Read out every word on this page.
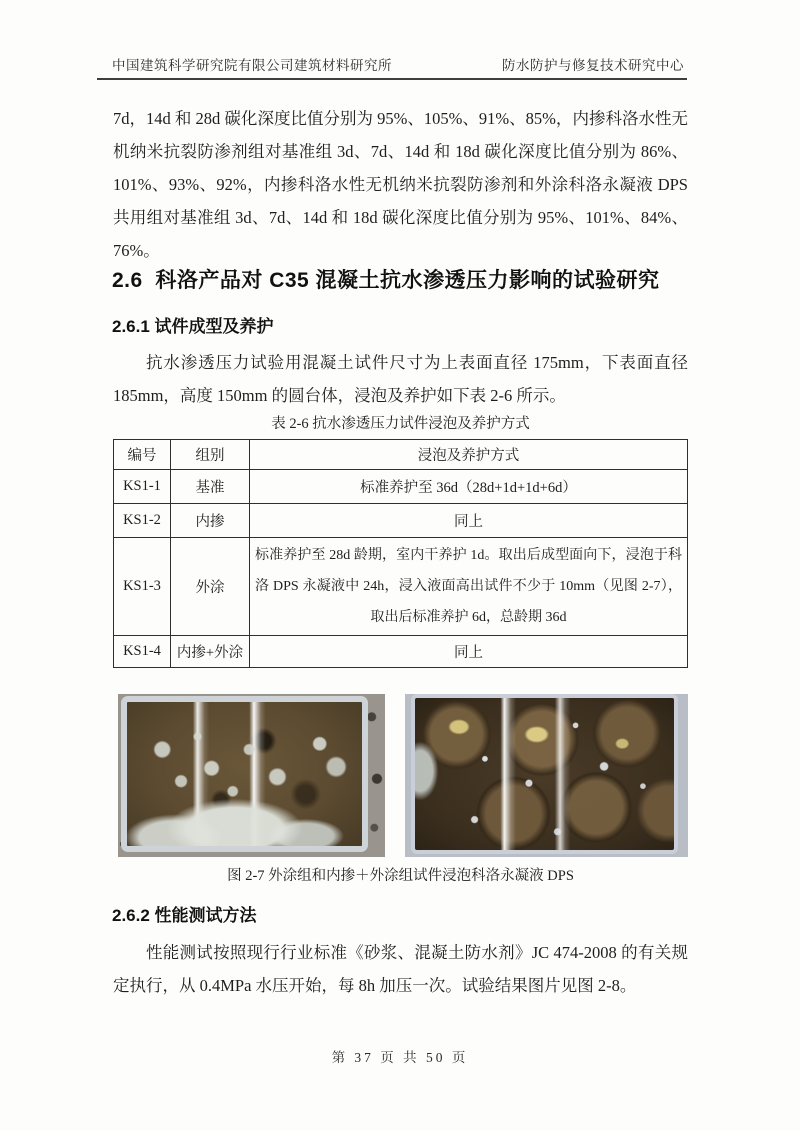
中国建筑科学研究院有限公司建筑材料研究所	防水防护与修复技术研究中心
7d，14d 和 28d 碳化深度比值分别为 95%、105%、91%、85%，内掺科洛水性无
机纳米抗裂防渗剂组对基准组 3d、7d、14d 和 18d 碳化深度比值分别为 86%、
101%、93%、92%，内掺科洛水性无机纳米抗裂防渗剂和外涂科洛永凝液 DPS
共用组对基准组 3d、7d、14d 和 18d 碳化深度比值分别为 95%、101%、84%、
76%。
2.6  科洛产品对 C35 混凝土抗水渗透压力影响的试验研究
2.6.1 试件成型及养护
抗水渗透压力试验用混凝土试件尺寸为上表面直径 175mm，下表面直径
185mm，高度 150mm 的圆台体，浸泡及养护如下表 2-6 所示。
表 2-6 抗水渗透压力试件浸泡及养护方式
编号	组别	浸泡及养护方式
KS1-1	基准	标准养护至 36d（28d+1d+1d+6d）
KS1-2	内掺	同上
KS1-3	外涂	标准养护至 28d 龄期，室内干养护 1d。取出后成型面向下，浸泡于科
洛 DPS 永凝液中 24h，浸入液面高出试件不少于 10mm（见图 2-7），
取出后标准养护 6d，总龄期 36d

KS1-4	内掺+外涂	同上
图 2-7 外涂组和内掺＋外涂组试件浸泡科洛永凝液 DPS
2.6.2 性能测试方法
性能测试按照现行行业标准《砂浆、混凝土防水剂》JC 474-2008 的有关规
定执行，从 0.4MPa 水压开始，每 8h 加压一次。试验结果图片见图 2-8。
第 37 页 共 50 页
